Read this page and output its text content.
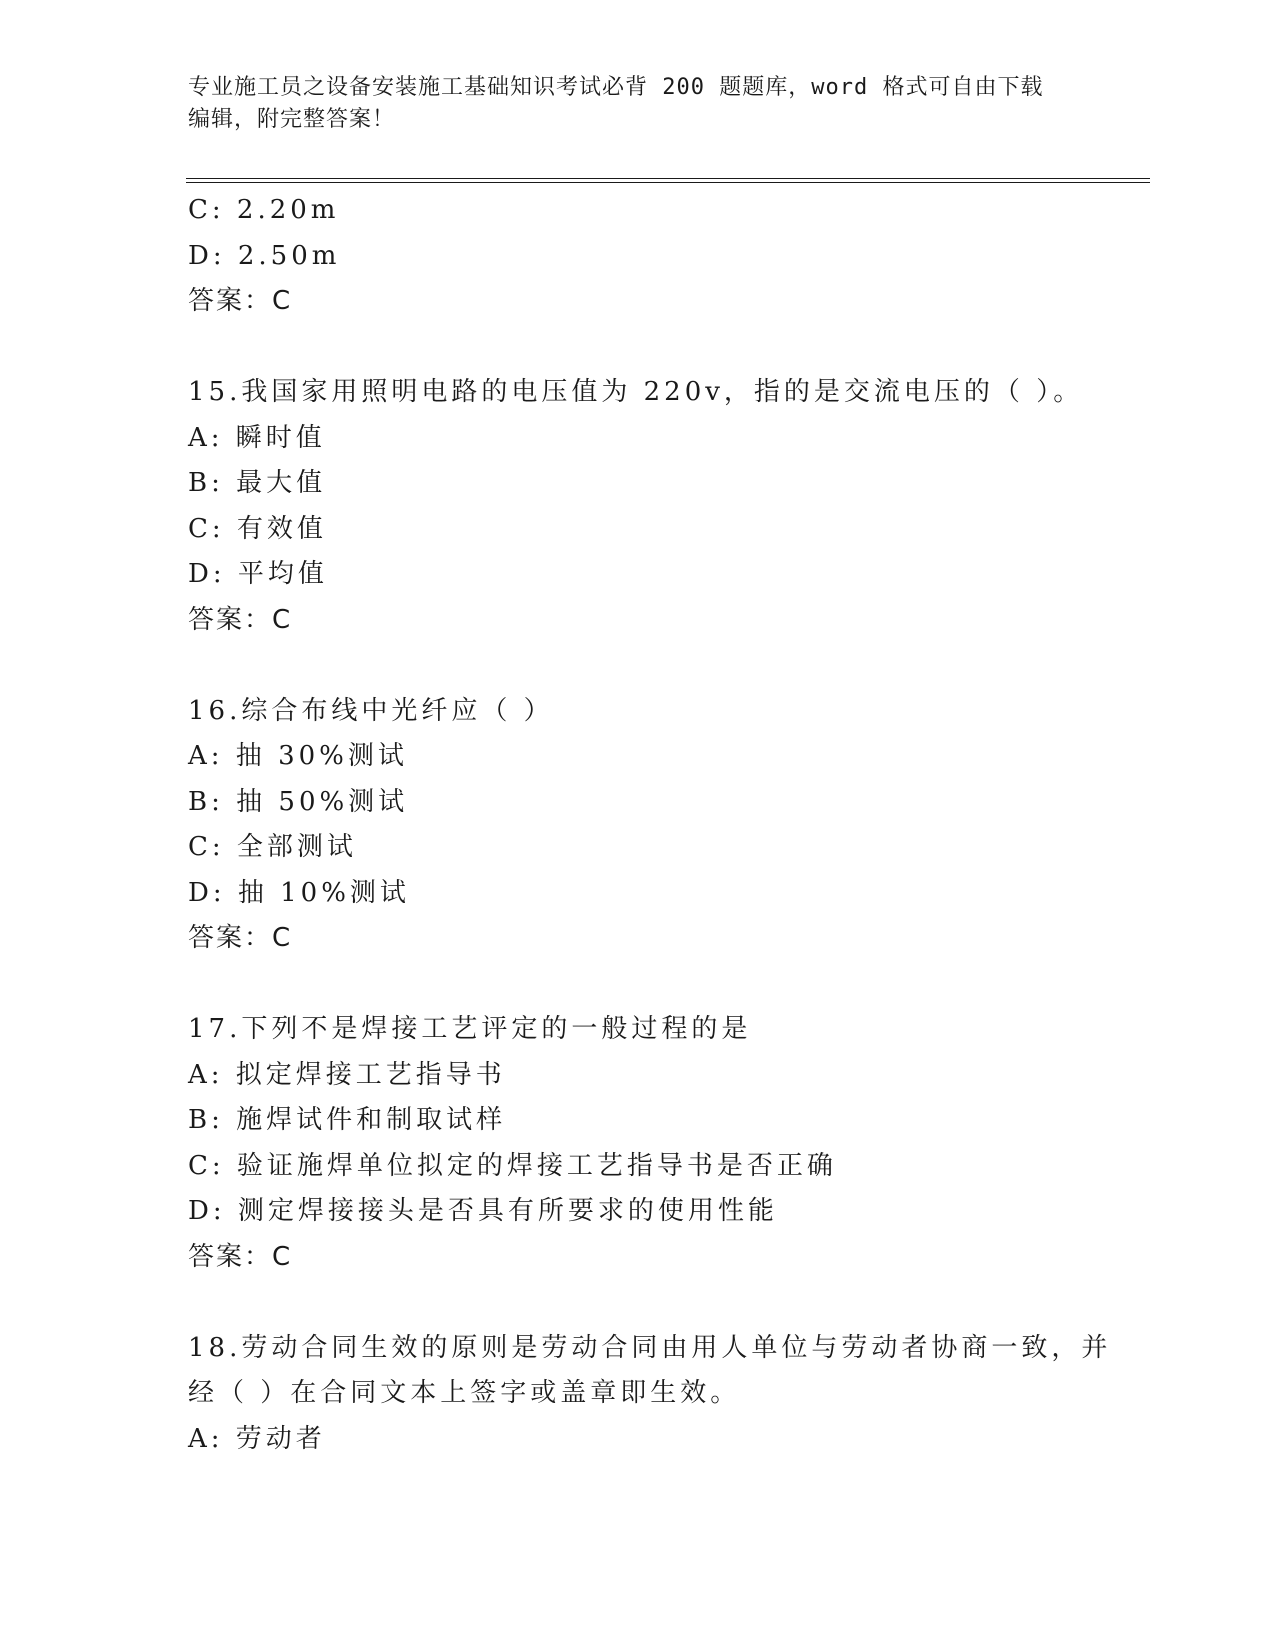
专业施工员之设备安装施工基础知识考试必背 200 题题库，word 格式可自由下载
编辑，附完整答案！
C: 2.20m
D: 2.50m
答案：C
15.我国家用照明电路的电压值为 220v，指的是交流电压的（ ）。
A: 瞬时值
B: 最大值
C: 有效值
D: 平均值
答案：C
16.综合布线中光纤应（ ）
A: 抽 30%测试
B: 抽 50%测试
C: 全部测试
D: 抽 10%测试
答案：C
17.下列不是焊接工艺评定的一般过程的是
A: 拟定焊接工艺指导书
B: 施焊试件和制取试样
C: 验证施焊单位拟定的焊接工艺指导书是否正确
D: 测定焊接接头是否具有所要求的使用性能
答案：C
18.劳动合同生效的原则是劳动合同由用人单位与劳动者协商一致，并
经（ ）在合同文本上签字或盖章即生效。
A: 劳动者
